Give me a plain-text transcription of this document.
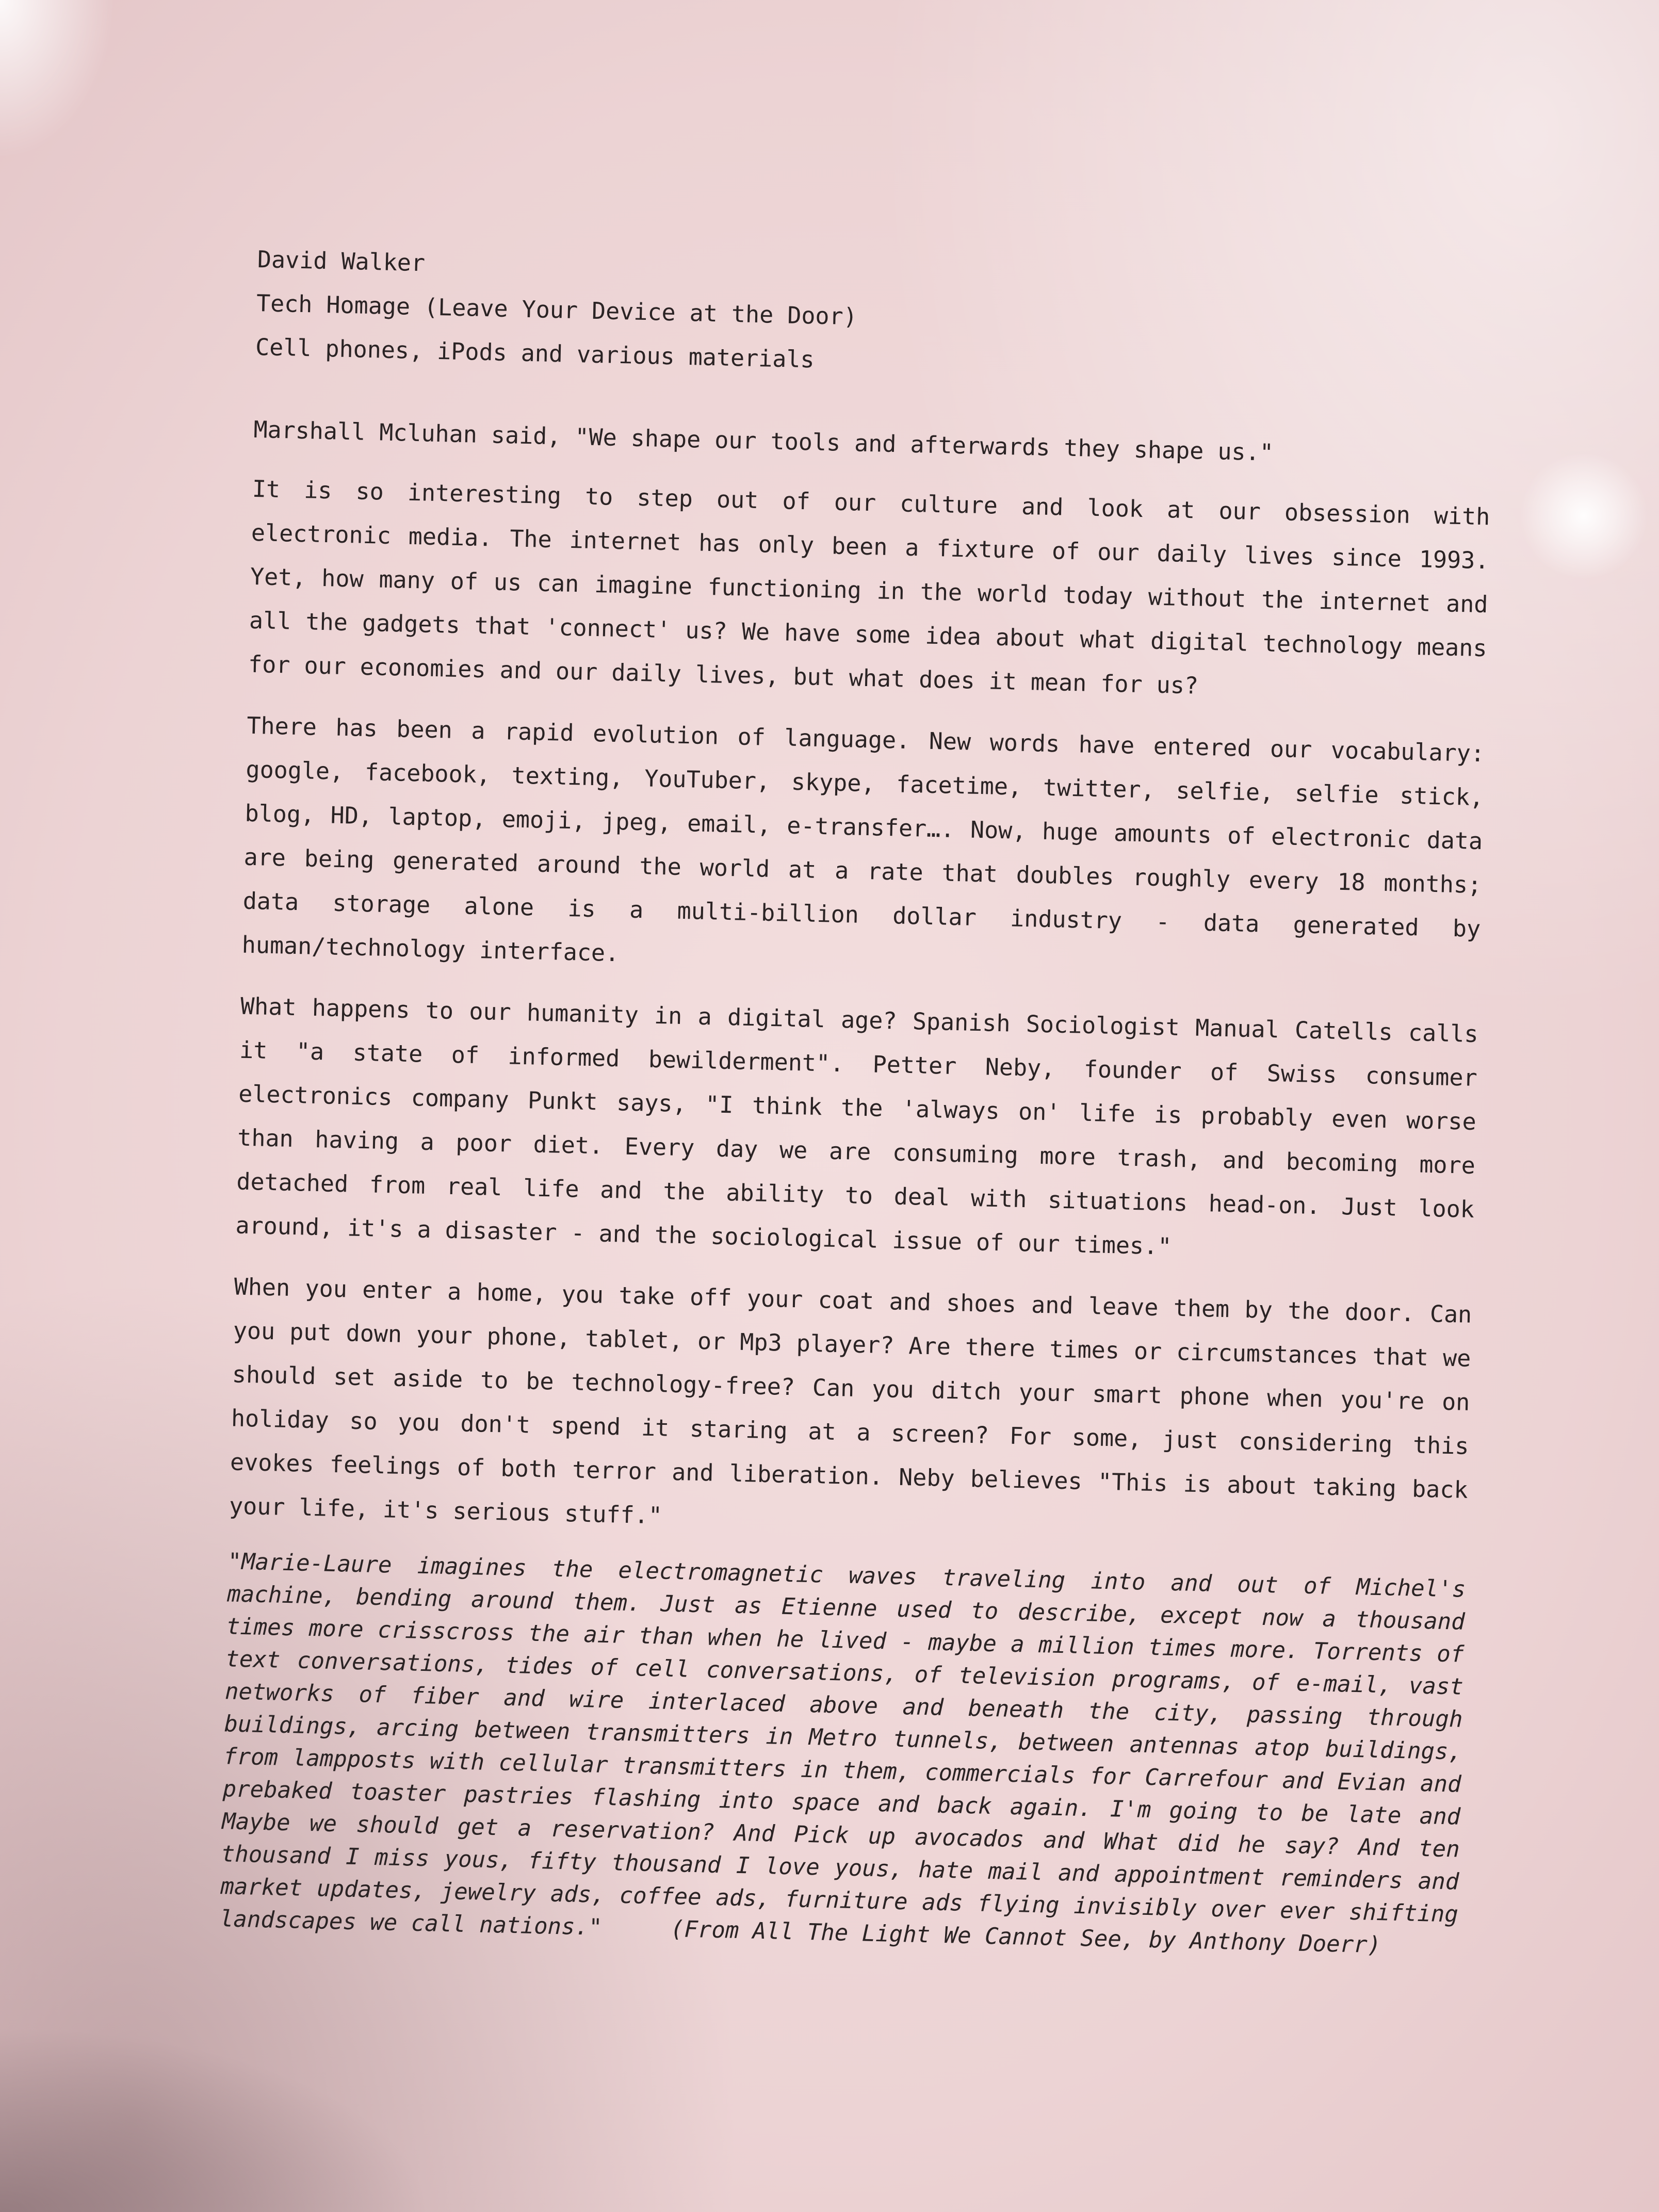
David Walker

Tech Homage (Leave Your Device at the Door)

Cell phones, iPods and various materials

Marshall Mcluhan said, "We shape our tools and afterwards they shape us."

It is so interesting to step out of our culture and look at our obsession with electronic media. The internet has only been a fixture of our daily lives since 1993. Yet, how many of us can imagine functioning in the world today without the internet and all the gadgets that 'connect' us? We have some idea about what digital technology means for our economies and our daily lives, but what does it mean for us?

There has been a rapid evolution of language. New words have entered our vocabulary: google, facebook, texting, YouTuber, skype, facetime, twitter, selfie, selfie stick, blog, HD, laptop, emoji, jpeg, email, e-transfer…. Now, huge amounts of electronic data are being generated around the world at a rate that doubles roughly every 18 months; data storage alone is a multi-billion dollar industry - data generated by human/technology interface.

What happens to our humanity in a digital age? Spanish Sociologist Manual Catells calls it "a state of informed bewilderment". Petter Neby, founder of Swiss consumer electronics company Punkt says, "I think the 'always on' life is probably even worse than having a poor diet. Every day we are consuming more trash, and becoming more detached from real life and the ability to deal with situations head-on. Just look around, it's a disaster - and the sociological issue of our times."

When you enter a home, you take off your coat and shoes and leave them by the door. Can you put down your phone, tablet, or Mp3 player? Are there times or circumstances that we should set aside to be technology-free? Can you ditch your smart phone when you're on holiday so you don't spend it staring at a screen? For some, just considering this evokes feelings of both terror and liberation. Neby believes "This is about taking back your life, it's serious stuff."

"Marie-Laure imagines the electromagnetic waves traveling into and out of Michel's machine, bending around them. Just as Etienne used to describe, except now a thousand times more crisscross the air than when he lived - maybe a million times more. Torrents of text conversations, tides of cell conversations, of television programs, of e-mail, vast networks of fiber and wire interlaced above and beneath the city, passing through buildings, arcing between transmitters in Metro tunnels, between antennas atop buildings, from lampposts with cellular transmitters in them, commercials for Carrefour and Evian and prebaked toaster pastries flashing into space and back again. I'm going to be late and Maybe we should get a reservation? And Pick up avocados and What did he say? And ten thousand I miss yous, fifty thousand I love yous, hate mail and appointment reminders and market updates, jewelry ads, coffee ads, furniture ads flying invisibly over ever shifting landscapes we call nations."	(From All The Light We Cannot See, by Anthony Doerr)
